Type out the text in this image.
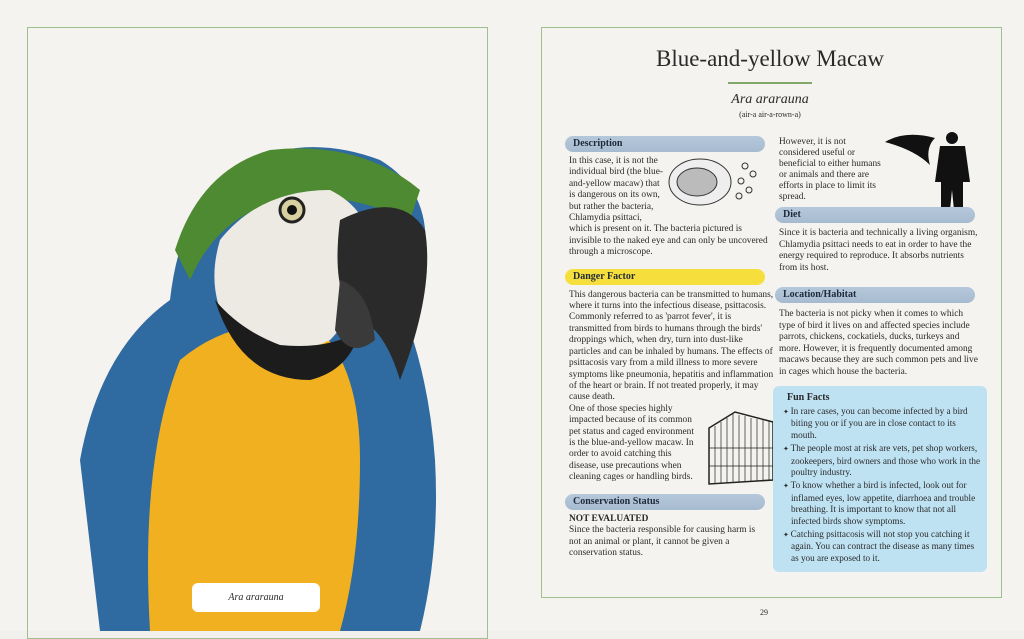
Ara ararauna
Blue-and-yellow Macaw
Ara ararauna
(air-a air-a-rown-a)
Description

In this case, it is not the individual bird (the blue-and-yellow macaw) that is dangerous on its own, but rather the bacteria, Chlamydia psittaci, which is present on it. The bacteria pictured is invisible to the naked eye and can only be uncovered through a microscope.

Danger Factor

This dangerous bacteria can be transmitted to humans, where it turns into the infectious disease, psittacosis. Commonly referred to as 'parrot fever', it is transmitted from birds to humans through the birds' droppings which, when dry, turn into dust-like particles and can be inhaled by humans. The effects of psittacosis vary from a mild illness to more severe symptoms like pneumonia, hepatitis and inflammation of the heart or brain. If not treated properly, it may cause death.

One of those species highly impacted because of its common pet status and caged environment is the blue-and-yellow macaw. In order to avoid catching this disease, use precautions when cleaning cages or handling birds.

Conservation Status
NOT EVALUATED

Since the bacteria responsible for causing harm is not an animal or plant, it cannot be given a conservation status.

However, it is not considered useful or beneficial to either humans or animals and there are efforts in place to limit its spread.

Diet

Since it is bacteria and technically a living organism, Chlamydia psittaci needs to eat in order to have the energy required to reproduce. It absorbs nutrients from its host.

Location/Habitat

The bacteria is not picky when it comes to which type of bird it lives on and affected species include parrots, chickens, cockatiels, ducks, turkeys and more. However, it is frequently documented among macaws because they are such common pets and live in cages which house the bacteria.

Fun Facts
✦ In rare cases, you can become infected by a bird biting you or if you are in close contact to its mouth.
✦ The people most at risk are vets, pet shop workers, zookeepers, bird owners and those who work in the poultry industry.
✦ To know whether a bird is infected, look out for inflamed eyes, low appetite, diarrhoea and trouble breathing. It is important to know that not all infected birds show symptoms.
✦ Catching psittacosis will not stop you catching it again. You can contract the disease as many times as you are exposed to it.
29
